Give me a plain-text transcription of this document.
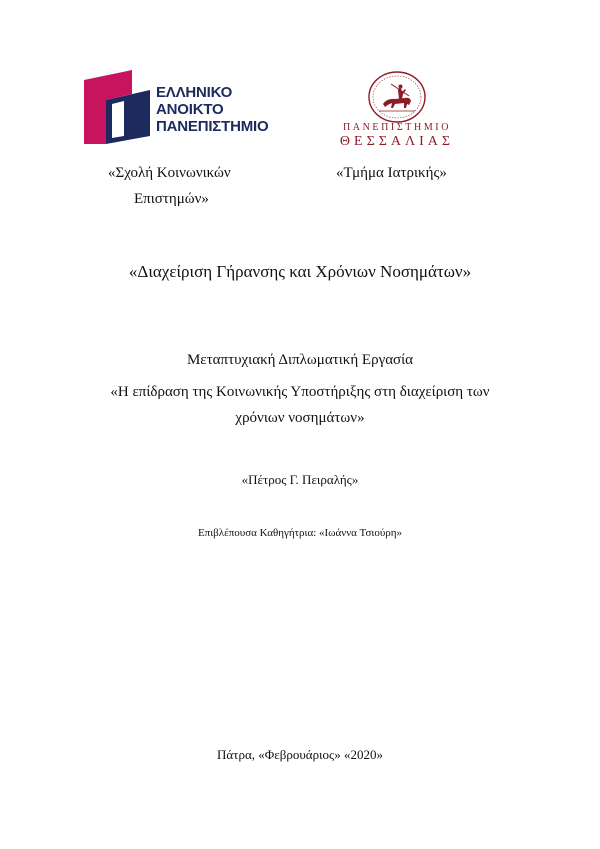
ΕΛΛΗΝΙΚΟ
ΑΝΟΙΚΤΟ
ΠΑΝΕΠΙΣΤΗΜΙΟ	ΠΑΝΕΠΙΣΤΗΜΙΟ
ΘΕΣΣΑΛΙΑΣ
«Σχολή Κοινωνικών
Επιστημών»
«Τμήμα Ιατρικής»
«Διαχείριση Γήρανσης και Χρόνιων Νοσημάτων»
Μεταπτυχιακή Διπλωματική Εργασία
«Η επίδραση της Κοινωνικής Υποστήριξης στη διαχείριση των
χρόνιων νοσημάτων»
«Πέτρος Γ. Πειραλής»
Επιβλέπουσα Καθηγήτρια: «Ιωάννα Τσιούρη»
Πάτρα, «Φεβρουάριος» «2020»
